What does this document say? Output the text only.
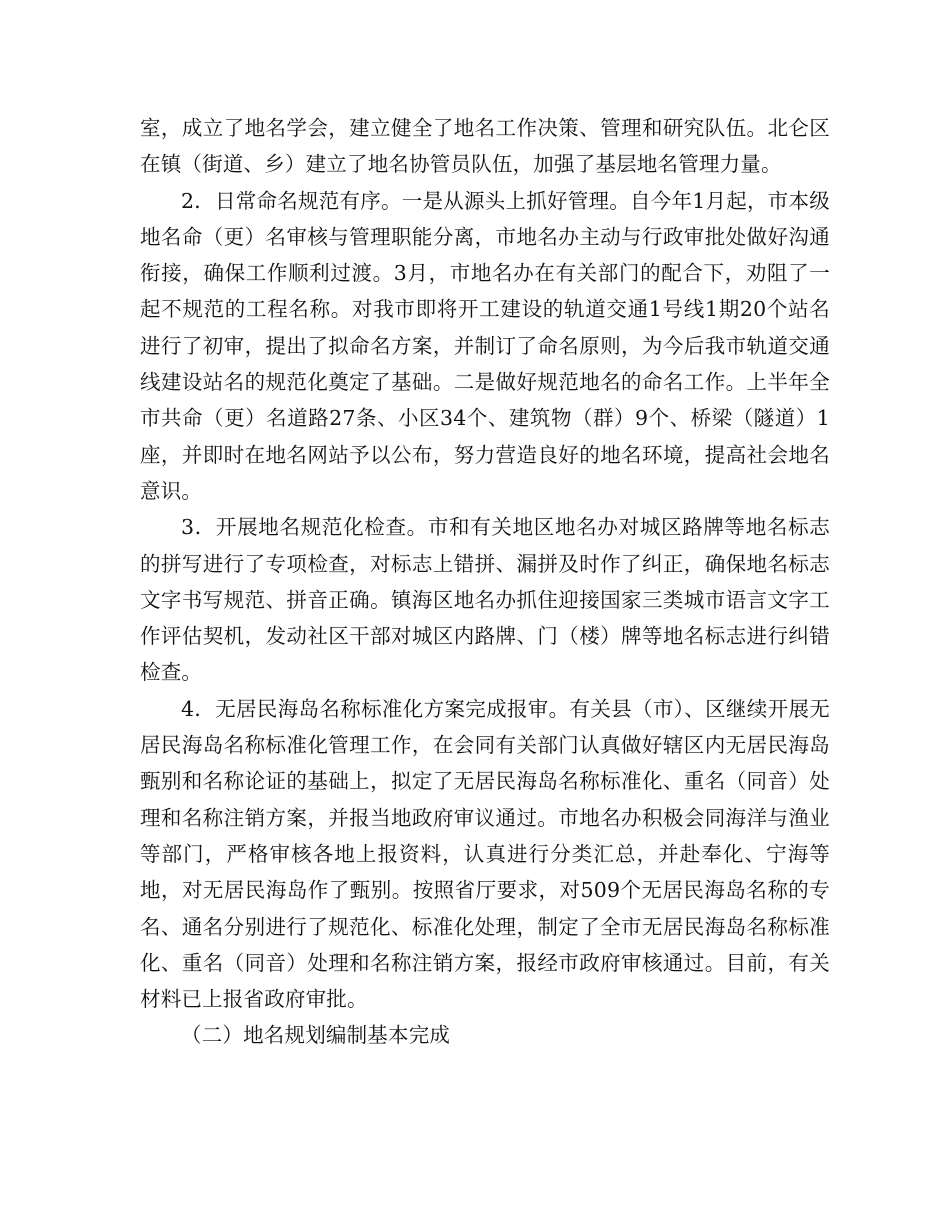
室，成立了地名学会，建立健全了地名工作决策、管理和研究队伍。北仑区在镇（街道、乡）建立了地名协管员队伍，加强了基层地名管理力量。

2．日常命名规范有序。一是从源头上抓好管理。自今年1月起，市本级地名命（更）名审核与管理职能分离，市地名办主动与行政审批处做好沟通衔接，确保工作顺利过渡。3月，市地名办在有关部门的配合下，劝阻了一起不规范的工程名称。对我市即将开工建设的轨道交通1号线1期20个站名进行了初审，提出了拟命名方案，并制订了命名原则，为今后我市轨道交通线建设站名的规范化奠定了基础。二是做好规范地名的命名工作。上半年全市共命（更）名道路27条、小区34个、建筑物（群）9个、桥梁（隧道）1座，并即时在地名网站予以公布，努力营造良好的地名环境，提高社会地名意识。

3．开展地名规范化检查。市和有关地区地名办对城区路牌等地名标志的拼写进行了专项检查，对标志上错拼、漏拼及时作了纠正，确保地名标志文字书写规范、拼音正确。镇海区地名办抓住迎接国家三类城市语言文字工作评估契机，发动社区干部对城区内路牌、门（楼）牌等地名标志进行纠错检查。

4．无居民海岛名称标准化方案完成报审。有关县（市）、区继续开展无居民海岛名称标准化管理工作，在会同有关部门认真做好辖区内无居民海岛甄别和名称论证的基础上，拟定了无居民海岛名称标准化、重名（同音）处理和名称注销方案，并报当地政府审议通过。市地名办积极会同海洋与渔业等部门，严格审核各地上报资料，认真进行分类汇总，并赴奉化、宁海等地，对无居民海岛作了甄别。按照省厅要求，对509个无居民海岛名称的专名、通名分别进行了规范化、标准化处理，制定了全市无居民海岛名称标准化、重名（同音）处理和名称注销方案，报经市政府审核通过。目前，有关材料已上报省政府审批。

（二）地名规划编制基本完成
